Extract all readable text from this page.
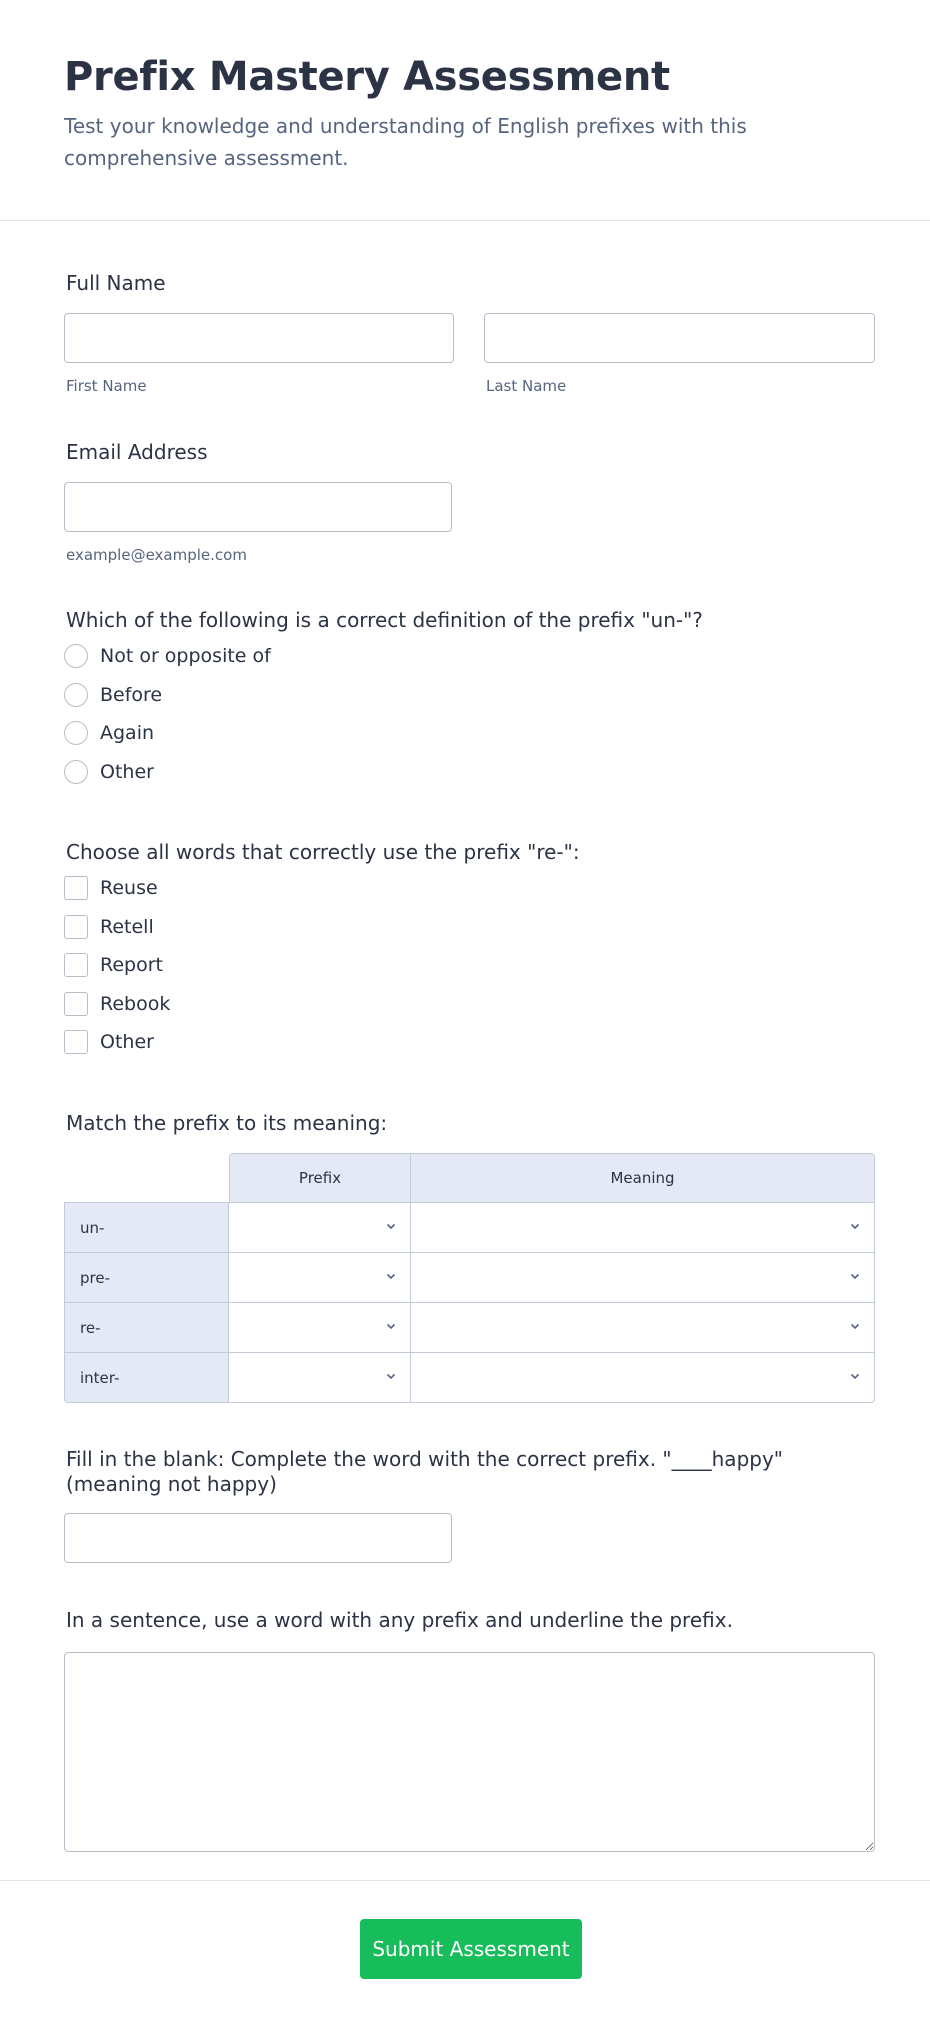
Prefix Mastery Assessment
Test your knowledge and understanding of English prefixes with this comprehensive assessment.
Full Name
First Name	Last Name
Email Address
example@example.com
Which of the following is a correct definition of the prefix "un-"?
Not or opposite of
Before
Again
Other
Choose all words that correctly use the prefix "re-":
Reuse
Retell
Report
Rebook
Other
Match the prefix to its meaning:
	Prefix	Meaning
un-	

pre-	

re-	

inter-	

Fill in the blank: Complete the word with the correct prefix. "____happy" (meaning not happy)
In a sentence, use a word with any prefix and underline the prefix.
Submit Assessment
